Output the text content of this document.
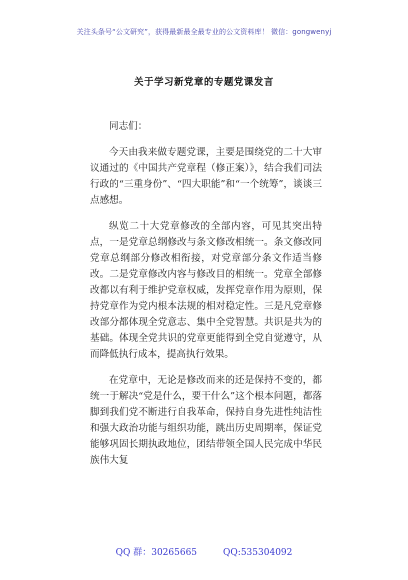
关注头条号“公文研究”，获得最新最全最专业的公文资料库！ 微信：gongwenyj
关于学习新党章的专题党课发言

同志们：

今天由我来做专题党课，主要是围绕党的二十大审议通过的《中国共产党章程（修正案）》，结合我们司法行政的“三重身份”、“四大职能”和“一个统筹”，谈谈三点感想。

纵览二十大党章修改的全部内容，可见其突出特点，一是党章总纲修改与条文修改相统一。条文修改同党章总纲部分修改相衔接，对党章部分条文作适当修改。二是党章修改内容与修改目的相统一。党章全部修改都以有利于维护党章权威，发挥党章作用为原则，保持党章作为党内根本法规的相对稳定性。三是凡党章修改部分都体现全党意志、集中全党智慧。共识是共为的基础。体现全党共识的党章更能得到全党自觉遵守，从而降低执行成本，提高执行效果。

在党章中，无论是修改而来的还是保持不变的，都统一于解决“党是什么，要干什么”这个根本问题，都落脚到我们党不断进行自我革命，保持自身先进性纯洁性和强大政治功能与组织功能，跳出历史周期率，保证党能够巩固长期执政地位，团结带领全国人民完成中华民族伟大复

QQ 群：30265665	QQ:535304092
